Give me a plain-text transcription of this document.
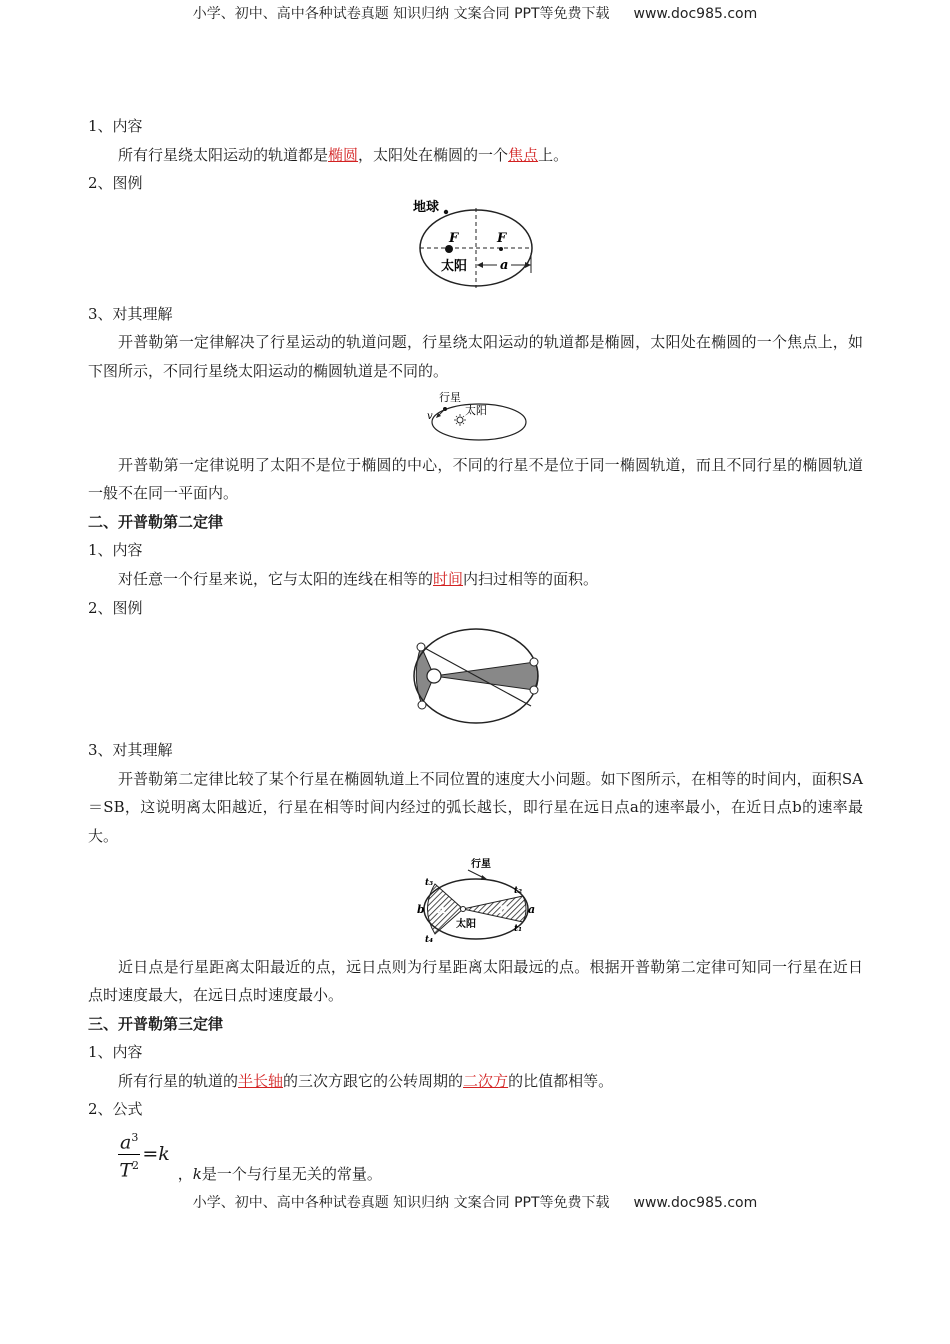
小学、初中、高中各种试卷真题 知识归纳 文案合同 PPT等免费下载 www.doc985.com
1、内容
所有行星绕太阳运动的轨道都是椭圆，太阳处在椭圆的一个焦点上。
2、图例
地球
F	F
太阳	a
3、对其理解

开普勒第一定律解决了行星运动的轨道问题，行星绕太阳运动的轨道都是椭圆，太阳处在椭圆的一个焦点上，如下图所示，不同行星绕太阳运动的椭圆轨道是不同的。

行星
v	太阳

开普勒第一定律说明了太阳不是位于椭圆的中心，不同的行星不是位于同一椭圆轨道，而且不同行星的椭圆轨道一般不在同一平面内。

二、开普勒第二定律
1、内容
对任意一个行星来说，它与太阳的连线在相等的时间内扫过相等的面积。
2、图例
3、对其理解

开普勒第二定律比较了某个行星在椭圆轨道上不同位置的速度大小问题。如下图所示，在相等的时间内，面积SA＝SB，这说明离太阳越近，行星在相等时间内经过的弧长越长，即行星在远日点a的速率最小，在近日点b的速率最大。

行星
t₃
t₄
t₂
t₁
b	a
A	B
太阳

近日点是行星距离太阳最近的点，远日点则为行星距离太阳最远的点。根据开普勒第二定律可知同一行星在近日点时速度最大，在远日点时速度最小。

三、开普勒第三定律
1、内容
所有行星的轨道的半长轴的三次方跟它的公转周期的二次方的比值都相等。
2、公式
$\frac{a^3}{T^2} =k$
，k是一个与行星无关的常量。
小学、初中、高中各种试卷真题 知识归纳 文案合同 PPT等免费下载 www.doc985.com
